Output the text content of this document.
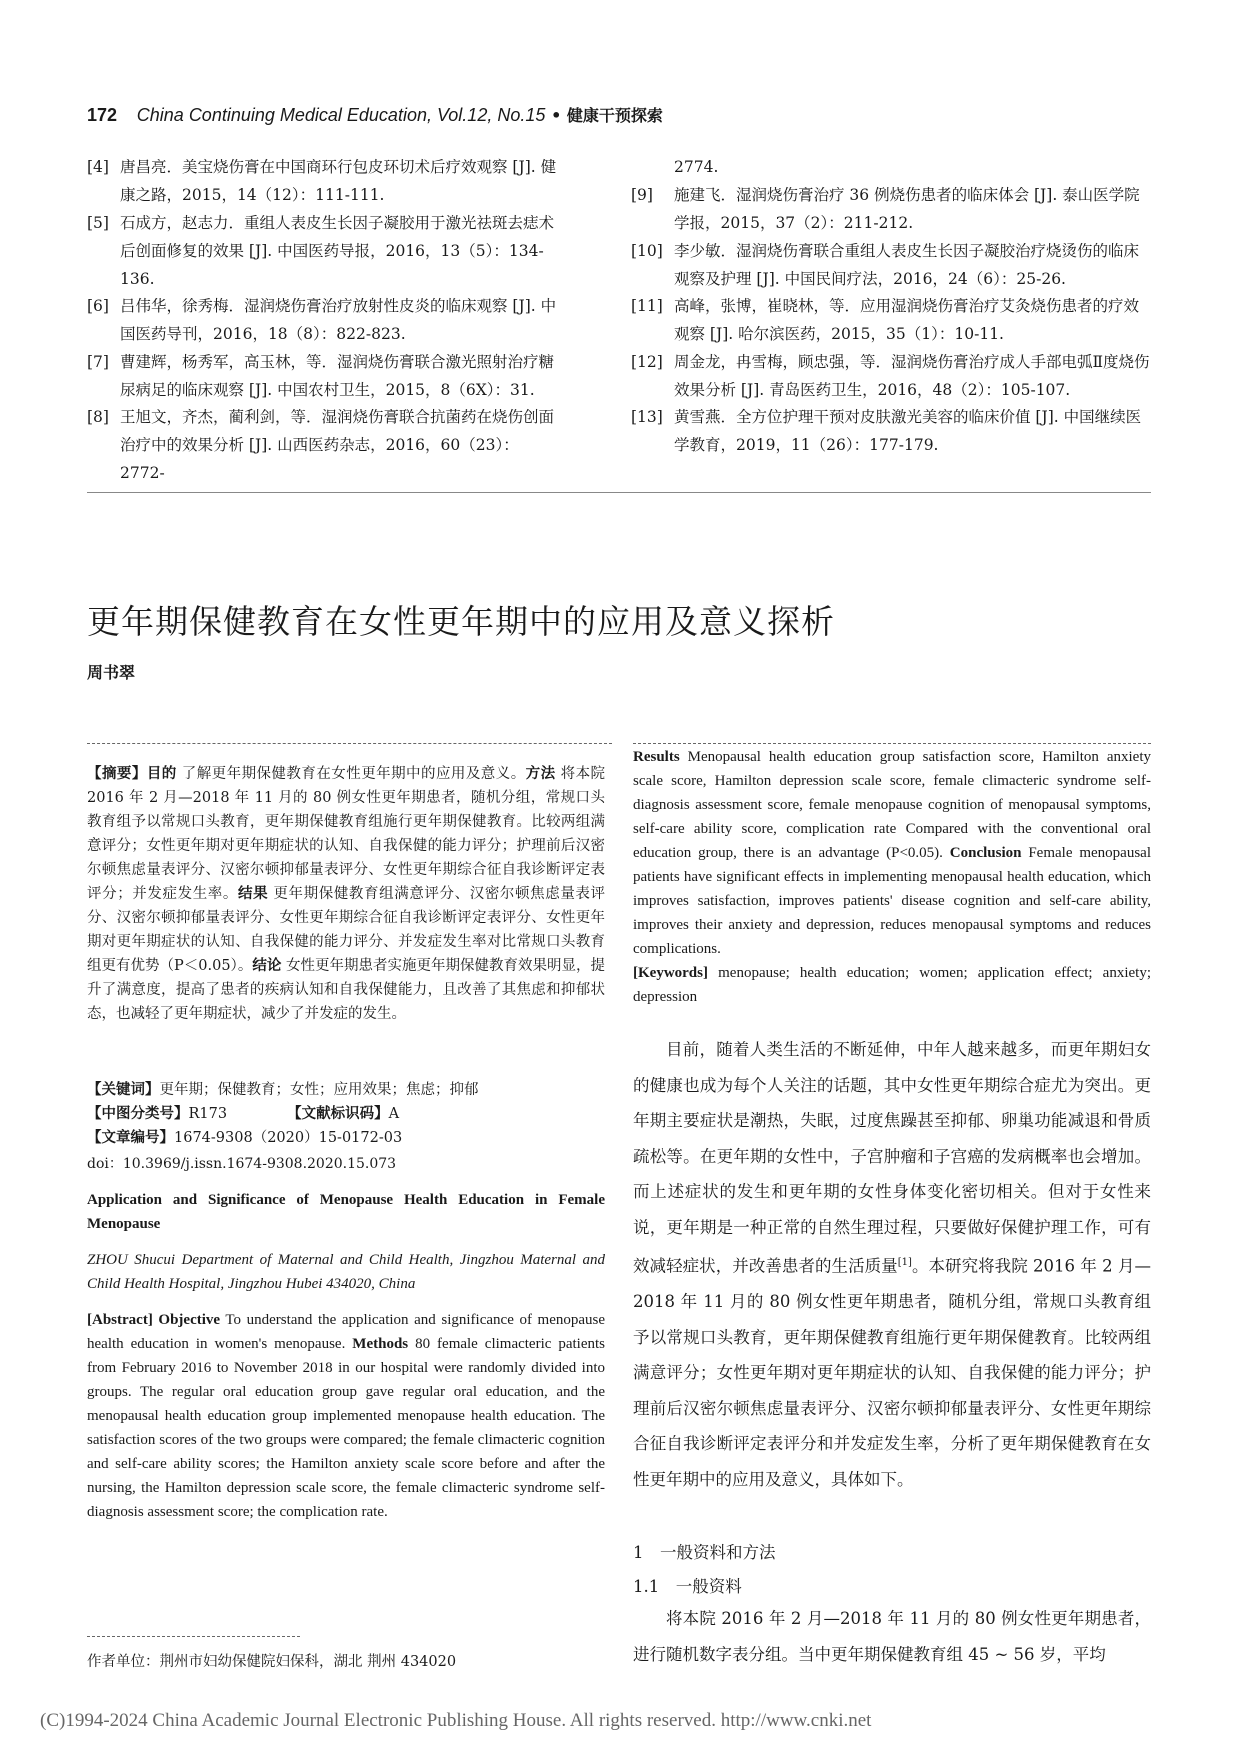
172 China Continuing Medical Education, Vol.12, No.15 • 健康干预探索
[4] 唐昌亮．美宝烧伤膏在中国商环行包皮环切术后疗效观察 [J]. 健康之路，2015，14（12）：111-111.
[5] 石成方，赵志力．重组人表皮生长因子凝胶用于激光祛斑去痣术后创面修复的效果 [J]. 中国医药导报，2016，13（5）：134-136.
[6] 吕伟华，徐秀梅．湿润烧伤膏治疗放射性皮炎的临床观察 [J]. 中国医药导刊，2016，18（8）：822-823.
[7] 曹建辉，杨秀军，高玉林，等．湿润烧伤膏联合激光照射治疗糖尿病足的临床观察 [J]. 中国农村卫生，2015，8（6X）：31.
[8] 王旭文，齐杰，蔺利剑，等．湿润烧伤膏联合抗菌药在烧伤创面治疗中的效果分析 [J]. 山西医药杂志，2016，60（23）：2772-
2774.
[9]	施建飞．湿润烧伤膏治疗 36 例烧伤患者的临床体会 [J]. 泰山医学院学报，2015，37（2）：211-212.
[10] 李少敏．湿润烧伤膏联合重组人表皮生长因子凝胶治疗烧烫伤的临床观察及护理 [J]. 中国民间疗法，2016，24（6）：25-26.
[11] 高峰，张博，崔晓林，等．应用湿润烧伤膏治疗艾灸烧伤患者的疗效观察 [J]. 哈尔滨医药，2015，35（1）：10-11.
[12] 周金龙，冉雪梅，顾忠强，等．湿润烧伤膏治疗成人手部电弧Ⅱ度烧伤效果分析 [J]. 青岛医药卫生，2016，48（2）：105-107.
[13] 黄雪燕．全方位护理干预对皮肤激光美容的临床价值 [J]. 中国继续医学教育，2019，11（26）：177-179.
更年期保健教育在女性更年期中的应用及意义探析
周书翠
【摘要】目的 了解更年期保健教育在女性更年期中的应用及意义。方法 将本院 2016 年 2 月—2018 年 11 月的 80 例女性更年期患者，随机分组，常规口头教育组予以常规口头教育，更年期保健教育组施行更年期保健教育。比较两组满意评分；女性更年期对更年期症状的认知、自我保健的能力评分；护理前后汉密尔顿焦虑量表评分、汉密尔顿抑郁量表评分、女性更年期综合征自我诊断评定表评分；并发症发生率。结果 更年期保健教育组满意评分、汉密尔顿焦虑量表评分、汉密尔顿抑郁量表评分、女性更年期综合征自我诊断评定表评分、女性更年期对更年期症状的认知、自我保健的能力评分、并发症发生率对比常规口头教育组更有优势（P＜0.05）。结论 女性更年期患者实施更年期保健教育效果明显，提升了满意度，提高了患者的疾病认知和自我保健能力，且改善了其焦虑和抑郁状态，也减轻了更年期症状，减少了并发症的发生。
【关键词】更年期；保健教育；女性；应用效果；焦虑；抑郁
【中图分类号】R173	【文献标识码】A
【文章编号】1674-9308（2020）15-0172-03
doi：10.3969/j.issn.1674-9308.2020.15.073
Application and Significance of Menopause Health Education in Female Menopause
ZHOU Shucui Department of Maternal and Child Health, Jingzhou Maternal and Child Health Hospital, Jingzhou Hubei 434020, China
[Abstract] Objective To understand the application and significance of menopause health education in women's menopause. Methods 80 female climacteric patients from February 2016 to November 2018 in our hospital were randomly divided into groups. The regular oral education group gave regular oral education, and the menopausal health education group implemented menopause health education. The satisfaction scores of the two groups were compared; the female climacteric cognition and self-care ability scores; the Hamilton anxiety scale score before and after the nursing, the Hamilton depression scale score, the female climacteric syndrome self-diagnosis assessment score; the complication rate.
Results Menopausal health education group satisfaction score, Hamilton anxiety scale score, Hamilton depression scale score, female climacteric syndrome self-diagnosis assessment score, female menopause cognition of menopausal symptoms, self-care ability score, complication rate Compared with the conventional oral education group, there is an advantage (P<0.05). Conclusion Female menopausal patients have significant effects in implementing menopausal health education, which improves satisfaction, improves patients' disease cognition and self-care ability, improves their anxiety and depression, reduces menopausal symptoms and reduces complications.
[Keywords] menopause; health education; women; application effect; anxiety; depression
目前，随着人类生活的不断延伸，中年人越来越多，而更年期妇女的健康也成为每个人关注的话题，其中女性更年期综合症尤为突出。更年期主要症状是潮热，失眠，过度焦躁甚至抑郁、卵巢功能减退和骨质疏松等。在更年期的女性中，子宫肿瘤和子宫癌的发病概率也会增加。而上述症状的发生和更年期的女性身体变化密切相关。但对于女性来说，更年期是一种正常的自然生理过程，只要做好保健护理工作，可有效减轻症状，并改善患者的生活质量[1]。本研究将我院 2016 年 2 月—2018 年 11 月的 80 例女性更年期患者，随机分组，常规口头教育组予以常规口头教育，更年期保健教育组施行更年期保健教育。比较两组满意评分；女性更年期对更年期症状的认知、自我保健的能力评分；护理前后汉密尔顿焦虑量表评分、汉密尔顿抑郁量表评分、女性更年期综合征自我诊断评定表评分和并发症发生率，分析了更年期保健教育在女性更年期中的应用及意义，具体如下。
1　一般资料和方法
1.1　一般资料
将本院 2016 年 2 月—2018 年 11 月的 80 例女性更年期患者，进行随机数字表分组。当中更年期保健教育组 45 ~ 56 岁，平均
作者单位：荆州市妇幼保健院妇保科，湖北 荆州 434020
(C)1994-2024 China Academic Journal Electronic Publishing House. All rights reserved. http://www.cnki.net
